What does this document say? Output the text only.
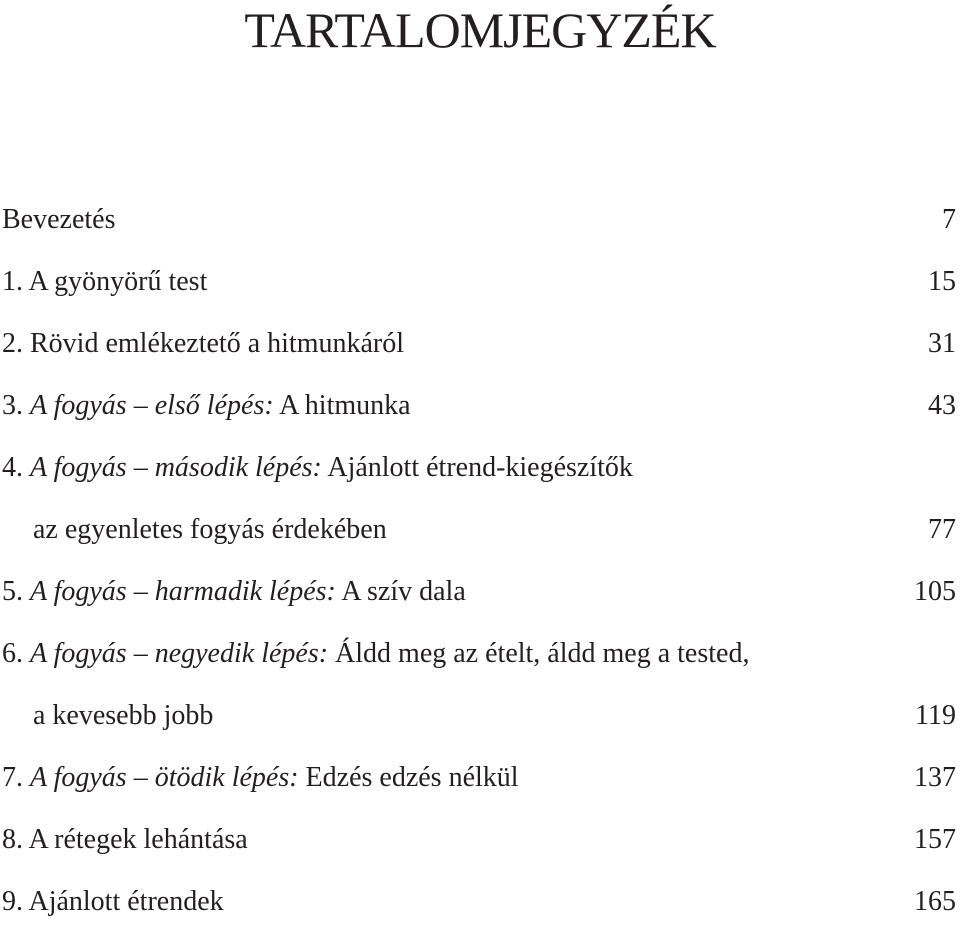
TARTALOMJEGYZÉK
Bevezetés	7
1. A gyönyörű test	15
2. Rövid emlékeztető a hitmunkáról	31
3. A fogyás – első lépés: A hitmunka	43
4. A fogyás – második lépés: Ajánlott étrend-kiegészítők
az egyenletes fogyás érdekében	77
5. A fogyás – harmadik lépés: A szív dala	105
6. A fogyás – negyedik lépés: Áldd meg az ételt, áldd meg a tested,
a kevesebb jobb	119
7. A fogyás – ötödik lépés: Edzés edzés nélkül	137
8. A rétegek lehántása	157
9. Ajánlott étrendek	165
